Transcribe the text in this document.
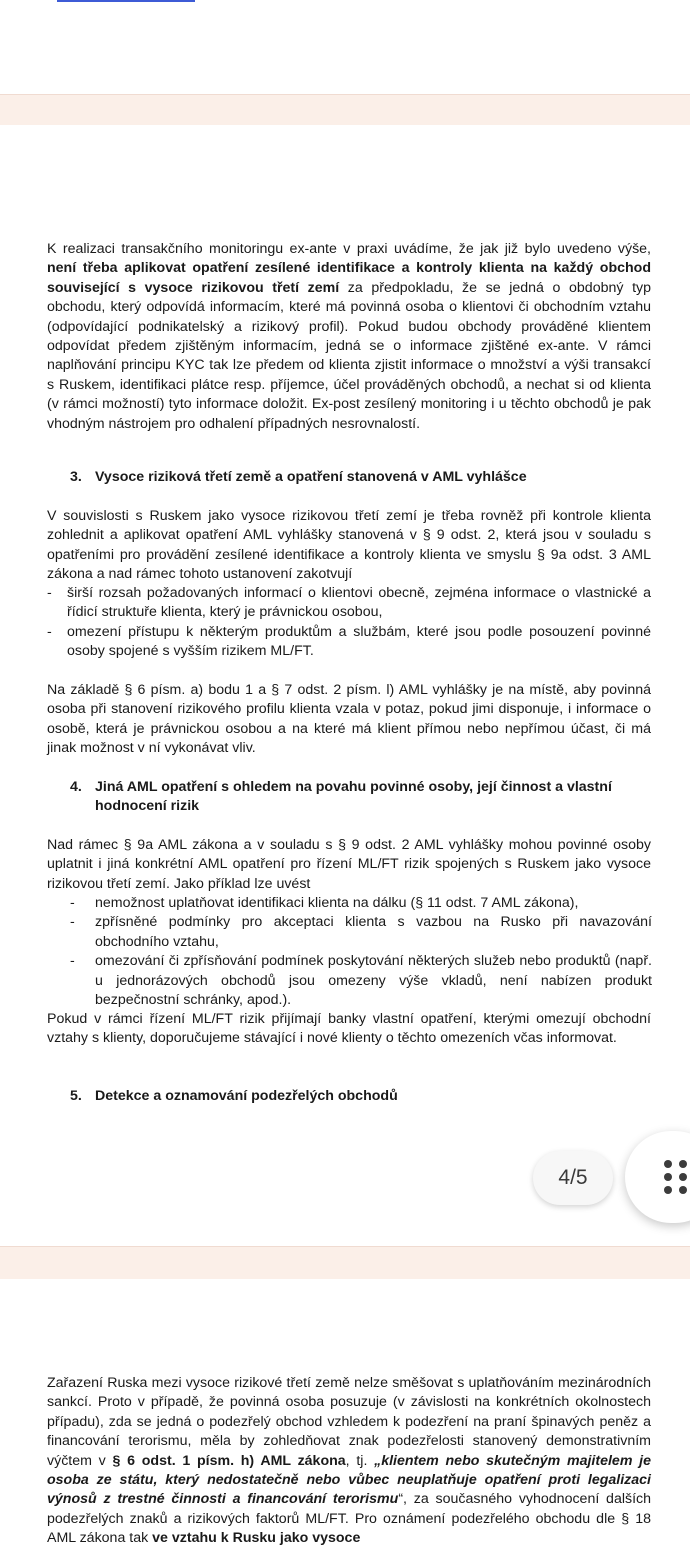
K realizaci transakčního monitoringu ex-ante v praxi uvádíme, že jak již bylo uvedeno výše, není třeba aplikovat opatření zesílené identifikace a kontroly klienta na každý obchod související s vysoce rizikovou třetí zemí za předpokladu, že se jedná o obdobný typ obchodu, který odpovídá informacím, které má povinná osoba o klientovi či obchodním vztahu (odpovídající podnikatelský a rizikový profil). Pokud budou obchody prováděné klientem odpovídat předem zjištěným informacím, jedná se o informace zjištěné ex-ante. V rámci naplňování principu KYC tak lze předem od klienta zjistit informace o množství a výši transakcí s Ruskem, identifikaci plátce resp. příjemce, účel prováděných obchodů, a nechat si od klienta (v rámci možností) tyto informace doložit. Ex-post zesílený monitoring i u těchto obchodů je pak vhodným nástrojem pro odhalení případných nesrovnalostí.

3. Vysoce riziková třetí země a opatření stanovená v AML vyhlášce

V souvislosti s Ruskem jako vysoce rizikovou třetí zemí je třeba rovněž při kontrole klienta zohlednit a aplikovat opatření AML vyhlášky stanovená v § 9 odst. 2, která jsou v souladu s opatřeními pro provádění zesílené identifikace a kontroly klienta ve smyslu § 9a odst. 3 AML zákona a nad rámec tohoto ustanovení zakotvují

-	širší rozsah požadovaných informací o klientovi obecně, zejména informace o vlastnické a řídicí struktuře klienta, který je právnickou osobou,
-	omezení přístupu k některým produktům a službám, které jsou podle posouzení povinné osoby spojené s vyšším rizikem ML/FT.

Na základě § 6 písm. a) bodu 1 a § 7 odst. 2 písm. l) AML vyhlášky je na místě, aby povinná osoba při stanovení rizikového profilu klienta vzala v potaz, pokud jimi disponuje, i informace o osobě, která je právnickou osobou a na které má klient přímou nebo nepřímou účast, či má jinak možnost v ní vykonávat vliv.

4. Jiná AML opatření s ohledem na povahu povinné osoby, její činnost a vlastní hodnocení rizik

Nad rámec § 9a AML zákona a v souladu s § 9 odst. 2 AML vyhlášky mohou povinné osoby uplatnit i jiná konkrétní AML opatření pro řízení ML/FT rizik spojených s Ruskem jako vysoce rizikovou třetí zemí. Jako příklad lze uvést

-	nemožnost uplatňovat identifikaci klienta na dálku (§ 11 odst. 7 AML zákona),
-	zpřísněné podmínky pro akceptaci klienta s vazbou na Rusko při navazování obchodního vztahu,
-	omezování či zpřísňování podmínek poskytování některých služeb nebo produktů (např. u jednorázových obchodů jsou omezeny výše vkladů, není nabízen produkt bezpečnostní schránky, apod.).

Pokud v rámci řízení ML/FT rizik přijímají banky vlastní opatření, kterými omezují obchodní vztahy s klienty, doporučujeme stávající i nové klienty o těchto omezeních včas informovat.

5. Detekce a oznamování podezřelých obchodů

Zařazení Ruska mezi vysoce rizikové třetí země nelze směšovat s uplatňováním mezinárodních sankcí. Proto v případě, že povinná osoba posuzuje (v závislosti na konkrétních okolnostech případu), zda se jedná o podezřelý obchod vzhledem k podezření na praní špinavých peněz a financování terorismu, měla by zohledňovat znak podezřelosti stanovený demonstrativním výčtem v § 6 odst. 1 písm. h) AML zákona, tj. „klientem nebo skutečným majitelem je osoba ze státu, který nedostatečně nebo vůbec neuplatňuje opatření proti legalizaci výnosů z trestné činnosti a financování terorismu“, za současného vyhodnocení dalších podezřelých znaků a rizikových faktorů ML/FT. Pro oznámení podezřelého obchodu dle § 18 AML zákona tak ve vztahu k Rusku jako vysoce

4/5
